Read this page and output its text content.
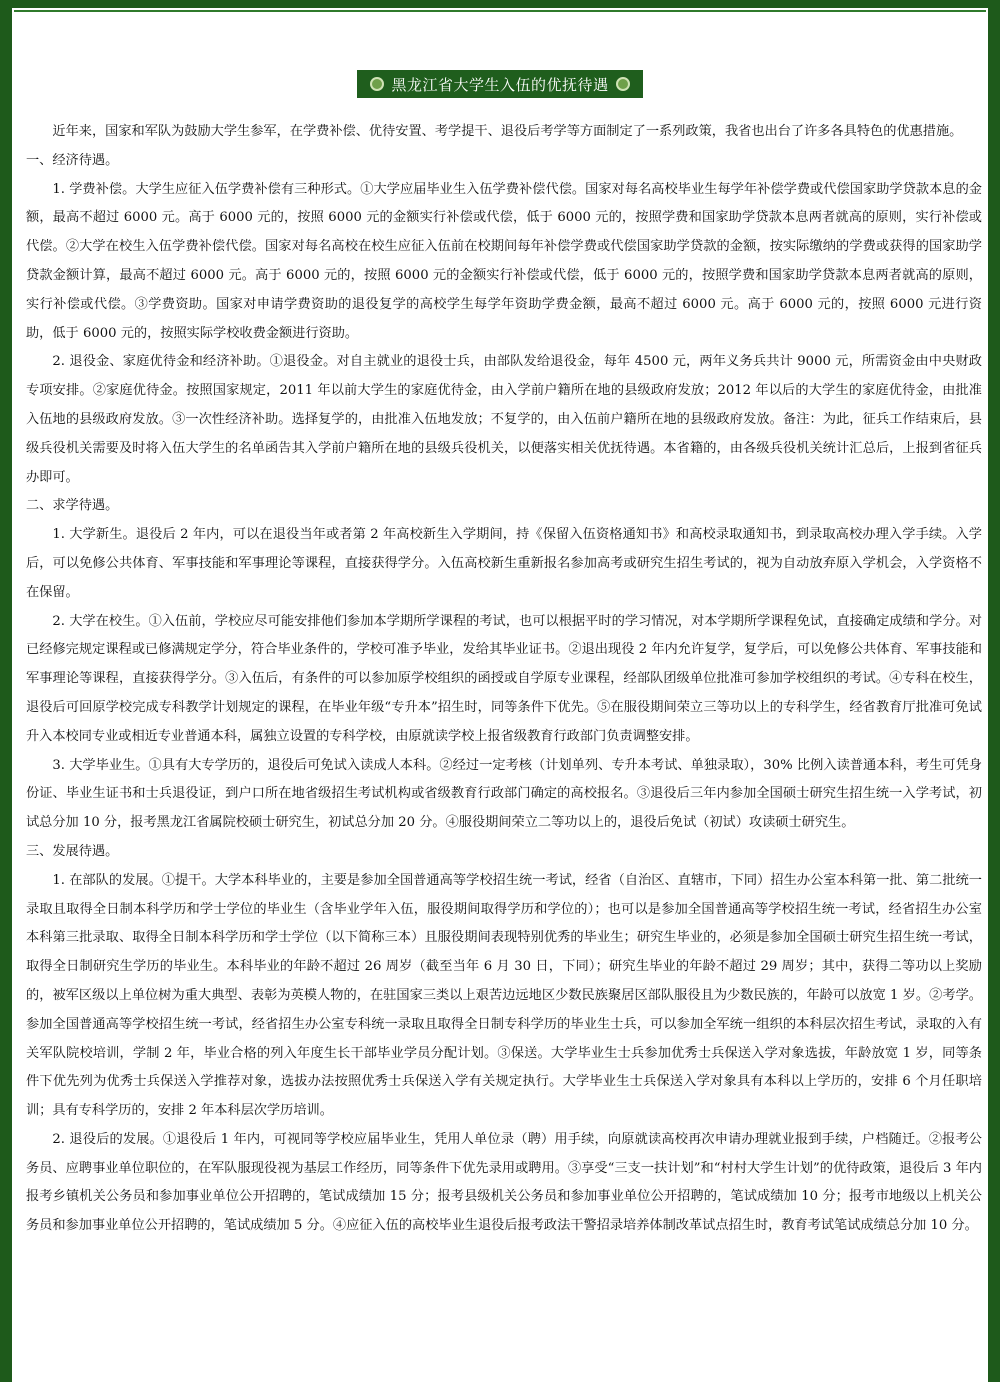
黑龙江省大学生入伍的优抚待遇

近年来，国家和军队为鼓励大学生参军，在学费补偿、优待安置、考学提干、退役后考学等方面制定了一系列政策，我省也出台了许多各具特色的优惠措施。

一、经济待遇。

1. 学费补偿。大学生应征入伍学费补偿有三种形式。①大学应届毕业生入伍学费补偿代偿。国家对每名高校毕业生每学年补偿学费或代偿国家助学贷款本息的金额，最高不超过 6000 元。高于 6000 元的，按照 6000 元的金额实行补偿或代偿，低于 6000 元的，按照学费和国家助学贷款本息两者就高的原则，实行补偿或代偿。②大学在校生入伍学费补偿代偿。国家对每名高校在校生应征入伍前在校期间每年补偿学费或代偿国家助学贷款的金额，按实际缴纳的学费或获得的国家助学贷款金额计算，最高不超过 6000 元。高于 6000 元的，按照 6000 元的金额实行补偿或代偿，低于 6000 元的，按照学费和国家助学贷款本息两者就高的原则，实行补偿或代偿。③学费资助。国家对申请学费资助的退役复学的高校学生每学年资助学费金额，最高不超过 6000 元。高于 6000 元的，按照 6000 元进行资助，低于 6000 元的，按照实际学校收费金额进行资助。

2. 退役金、家庭优待金和经济补助。①退役金。对自主就业的退役士兵，由部队发给退役金，每年 4500 元，两年义务兵共计 9000 元，所需资金由中央财政专项安排。②家庭优待金。按照国家规定，2011 年以前大学生的家庭优待金，由入学前户籍所在地的县级政府发放；2012 年以后的大学生的家庭优待金，由批准入伍地的县级政府发放。③一次性经济补助。选择复学的，由批准入伍地发放；不复学的，由入伍前户籍所在地的县级政府发放。备注：为此，征兵工作结束后，县级兵役机关需要及时将入伍大学生的名单函告其入学前户籍所在地的县级兵役机关，以便落实相关优抚待遇。本省籍的，由各级兵役机关统计汇总后，上报到省征兵办即可。

二、求学待遇。

1. 大学新生。退役后 2 年内，可以在退役当年或者第 2 年高校新生入学期间，持《保留入伍资格通知书》和高校录取通知书，到录取高校办理入学手续。入学后，可以免修公共体育、军事技能和军事理论等课程，直接获得学分。入伍高校新生重新报名参加高考或研究生招生考试的，视为自动放弃原入学机会，入学资格不在保留。

2. 大学在校生。①入伍前，学校应尽可能安排他们参加本学期所学课程的考试，也可以根据平时的学习情况，对本学期所学课程免试，直接确定成绩和学分。对已经修完规定课程或已修满规定学分，符合毕业条件的，学校可准予毕业，发给其毕业证书。②退出现役 2 年内允许复学，复学后，可以免修公共体育、军事技能和军事理论等课程，直接获得学分。③入伍后，有条件的可以参加原学校组织的函授或自学原专业课程，经部队团级单位批准可参加学校组织的考试。④专科在校生，退役后可回原学校完成专科教学计划规定的课程，在毕业年级“专升本”招生时，同等条件下优先。⑤在服役期间荣立三等功以上的专科学生，经省教育厅批准可免试升入本校同专业或相近专业普通本科，属独立设置的专科学校，由原就读学校上报省级教育行政部门负责调整安排。

3. 大学毕业生。①具有大专学历的，退役后可免试入读成人本科。②经过一定考核（计划单列、专升本考试、单独录取），30% 比例入读普通本科，考生可凭身份证、毕业生证书和士兵退役证，到户口所在地省级招生考试机构或省级教育行政部门确定的高校报名。③退役后三年内参加全国硕士研究生招生统一入学考试，初试总分加 10 分，报考黑龙江省属院校硕士研究生，初试总分加 20 分。④服役期间荣立二等功以上的，退役后免试（初试）攻读硕士研究生。

三、发展待遇。

1. 在部队的发展。①提干。大学本科毕业的，主要是参加全国普通高等学校招生统一考试，经省（自治区、直辖市，下同）招生办公室本科第一批、第二批统一录取且取得全日制本科学历和学士学位的毕业生（含毕业学年入伍，服役期间取得学历和学位的）；也可以是参加全国普通高等学校招生统一考试，经省招生办公室本科第三批录取、取得全日制本科学历和学士学位（以下简称三本）且服役期间表现特别优秀的毕业生；研究生毕业的，必须是参加全国硕士研究生招生统一考试，取得全日制研究生学历的毕业生。本科毕业的年龄不超过 26 周岁（截至当年 6 月 30 日，下同）；研究生毕业的年龄不超过 29 周岁；其中，获得二等功以上奖励的，被军区级以上单位树为重大典型、表彰为英模人物的，在驻国家三类以上艰苦边远地区少数民族聚居区部队服役且为少数民族的，年龄可以放宽 1 岁。②考学。参加全国普通高等学校招生统一考试，经省招生办公室专科统一录取且取得全日制专科学历的毕业生士兵，可以参加全军统一组织的本科层次招生考试，录取的入有关军队院校培训，学制 2 年，毕业合格的列入年度生长干部毕业学员分配计划。③保送。大学毕业生士兵参加优秀士兵保送入学对象选拔，年龄放宽 1 岁，同等条件下优先列为优秀士兵保送入学推荐对象，选拔办法按照优秀士兵保送入学有关规定执行。大学毕业生士兵保送入学对象具有本科以上学历的，安排 6 个月任职培训；具有专科学历的，安排 2 年本科层次学历培训。

2. 退役后的发展。①退役后 1 年内，可视同等学校应届毕业生，凭用人单位录（聘）用手续，向原就读高校再次申请办理就业报到手续，户档随迁。②报考公务员、应聘事业单位职位的，在军队服现役视为基层工作经历，同等条件下优先录用或聘用。③享受“三支一扶计划”和“村村大学生计划”的优待政策，退役后 3 年内报考乡镇机关公务员和参加事业单位公开招聘的，笔试成绩加 15 分；报考县级机关公务员和参加事业单位公开招聘的，笔试成绩加 10 分；报考市地级以上机关公务员和参加事业单位公开招聘的，笔试成绩加 5 分。④应征入伍的高校毕业生退役后报考政法干警招录培养体制改革试点招生时，教育考试笔试成绩总分加 10 分。
